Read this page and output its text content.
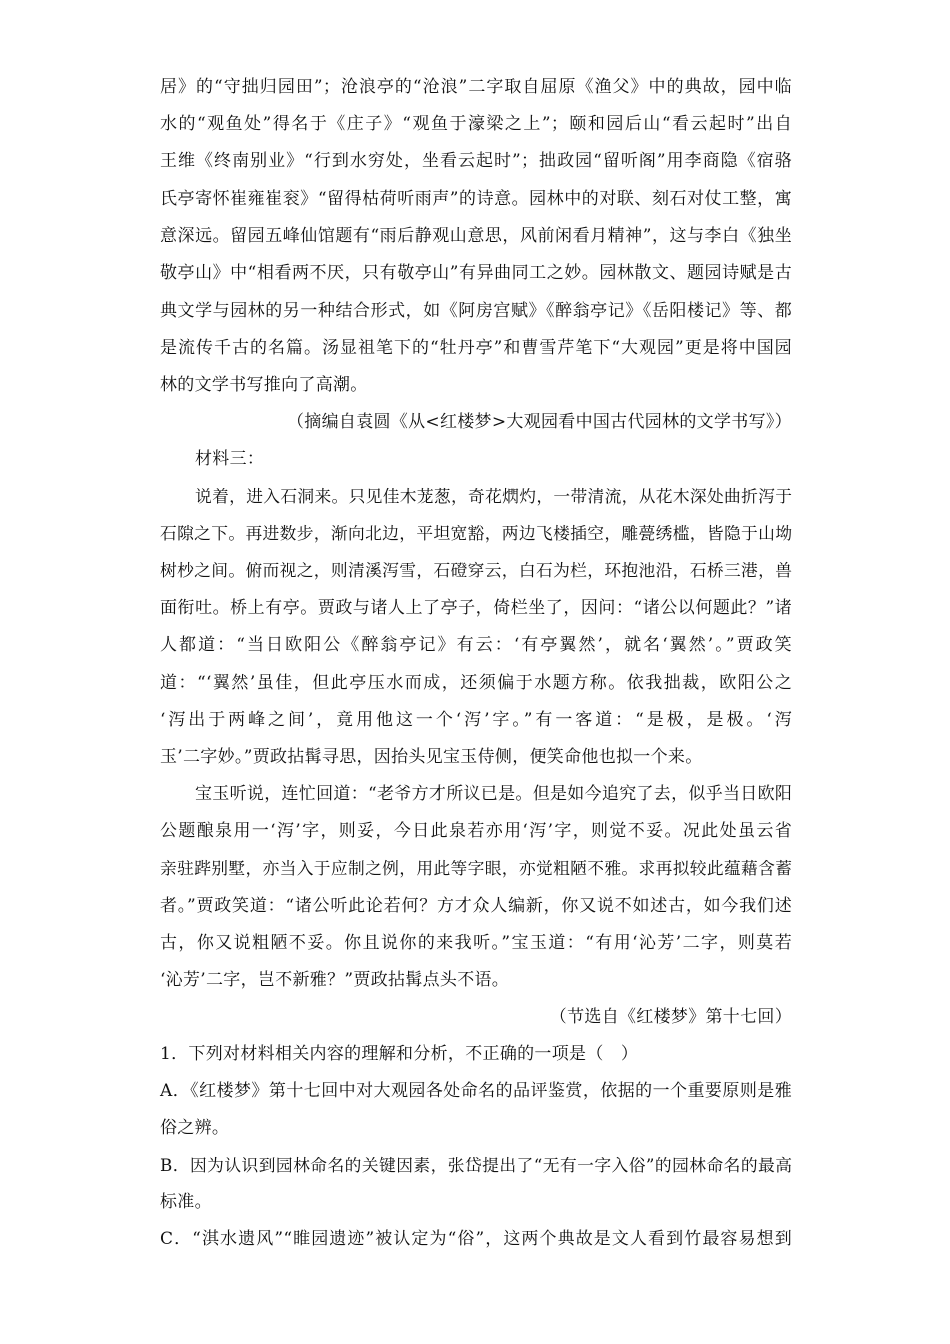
居》的“守拙归园田”；沧浪亭的“沧浪”二字取自屈原《渔父》中的典故，园中临
水的“观鱼处”得名于《庄子》“观鱼于濠梁之上”；颐和园后山“看云起时”出自
王维《终南别业》“行到水穷处，坐看云起时”；拙政园“留听阁”用李商隐《宿骆
氏亭寄怀崔雍崔衮》“留得枯荷听雨声”的诗意。园林中的对联、刻石对仗工整，寓
意深远。留园五峰仙馆题有“雨后静观山意思，风前闲看月精神”，这与李白《独坐
敬亭山》中“相看两不厌，只有敬亭山”有异曲同工之妙。园林散文、题园诗赋是古
典文学与园林的另一种结合形式，如《阿房宫赋》《醉翁亭记》《岳阳楼记》等、都
是流传千古的名篇。汤显祖笔下的“牡丹亭”和曹雪芹笔下“大观园”更是将中国园
林的文学书写推向了高潮。
（摘编自袁圆《从<红楼梦>大观园看中国古代园林的文学书写》）
材料三：
说着，进入石洞来。只见佳木茏葱，奇花熌灼，一带清流，从花木深处曲折泻于
石隙之下。再进数步，渐向北边，平坦宽豁，两边飞楼插空，雕甍绣槛，皆隐于山坳
树杪之间。俯而视之，则清溪泻雪，石磴穿云，白石为栏，环抱池沿，石桥三港，兽
面衔吐。桥上有亭。贾政与诸人上了亭子，倚栏坐了，因问：“诸公以何题此？”诸
人都道：“当日欧阳公《醉翁亭记》有云：‘有亭翼然’，就名‘翼然’。”贾政笑
道：“‘翼然’虽佳，但此亭压水而成，还须偏于水题方称。依我拙裁，欧阳公之
‘泻出于两峰之间’，竟用他这一个‘泻’字。”有一客道：“是极，是极。‘泻
玉’二字妙。”贾政拈髯寻思，因抬头见宝玉侍侧，便笑命他也拟一个来。
宝玉听说，连忙回道：“老爷方才所议已是。但是如今追究了去，似乎当日欧阳
公题酿泉用一‘泻’字，则妥，今日此泉若亦用‘泻’字，则觉不妥。况此处虽云省
亲驻跸别墅，亦当入于应制之例，用此等字眼，亦觉粗陋不雅。求再拟较此蕴藉含蓄
者。”贾政笑道：“诸公听此论若何？方才众人编新，你又说不如述古，如今我们述
古，你又说粗陋不妥。你且说你的来我听。”宝玉道：“有用‘沁芳’二字，则莫若
‘沁芳’二字，岂不新雅？”贾政拈髯点头不语。
（节选自《红楼梦》第十七回）
1．下列对材料相关内容的理解和分析，不正确的一项是（　）
A．《红楼梦》第十七回中对大观园各处命名的品评鉴赏，依据的一个重要原则是雅
俗之辨。
B．因为认识到园林命名的关键因素，张岱提出了“无有一字入俗”的园林命名的最高
标准。
C．“淇水遗风”“睢园遗迹”被认定为“俗”，这两个典故是文人看到竹最容易想到
